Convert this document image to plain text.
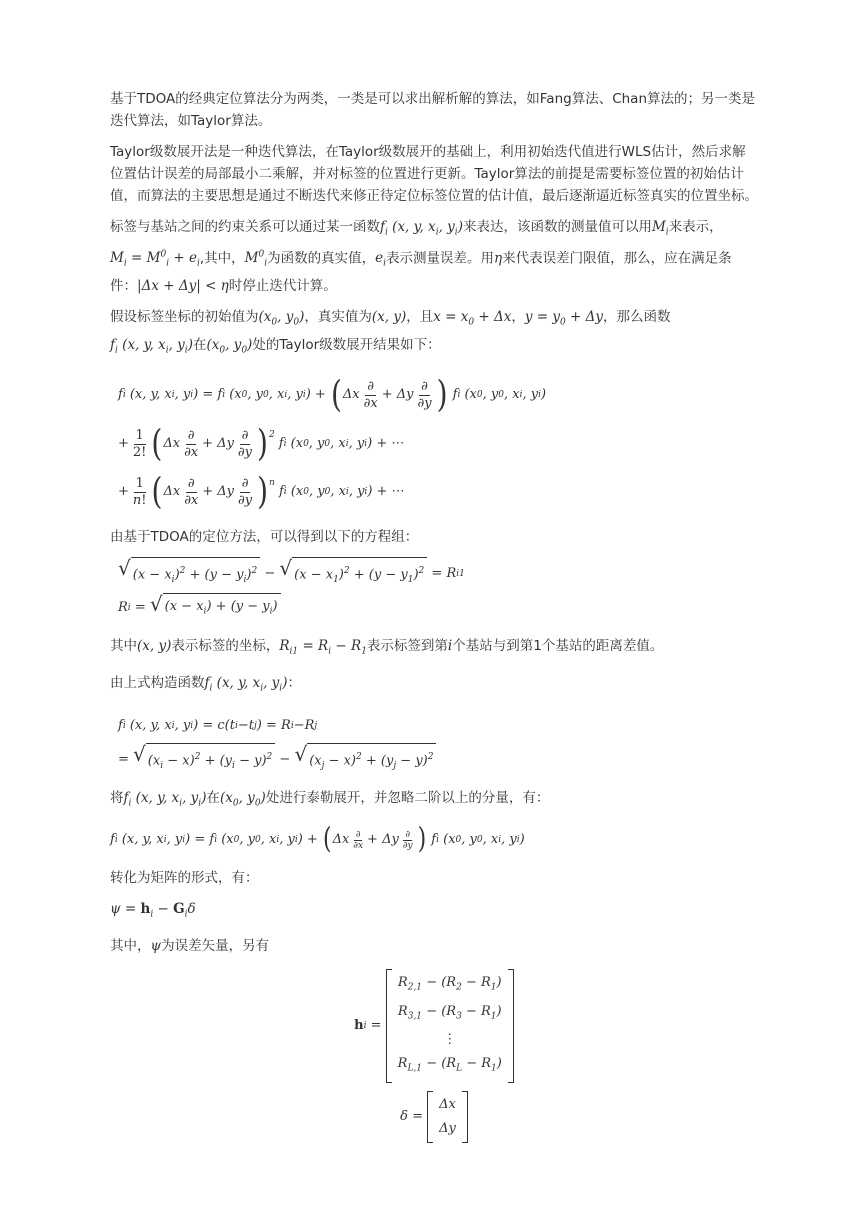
基于TDOA的经典定位算法分为两类，一类是可以求出解析解的算法，如Fang算法、Chan算法的；另一类是迭代算法，如Taylor算法。

Taylor级数展开法是一种迭代算法，在Taylor级数展开的基础上，利用初始迭代值进行WLS估计，然后求解位置估计误差的局部最小二乘解，并对标签的位置进行更新。Taylor算法的前提是需要标签位置的初始估计值，而算法的主要思想是通过不断迭代来修正待定位标签位置的估计值，最后逐渐逼近标签真实的位置坐标。

标签与基站之间的约束关系可以通过某一函数$f_i$ (x, y, $x_i$, $y_i$)来表达，该函数的测量值可以用$M_i$来表示，$M_i = M^0_i + e_i$,其中，$M^0_i$为函数的真实值，$e_i$表示测量误差。用η来代表误差门限值，那么，应在满足条件：|Δx + Δy| < η时停止迭代计算。

假设标签坐标的初始值为($x_0$, $y_0$)，真实值为(x, y)，且$x = x_0 + \Delta x$，$y = y_0 + \Delta y$，那么函数
$f_i$ (x, y, $x_i$, $y_i$)在($x_0$, $y_0$)处的Taylor级数展开结果如下：

f i (x, y, x i , y i ) = f i (x 0 , y 0 , x i , y i ) +
( Δx $\frac{\partial}{\partial x} + \Delta y \frac{\partial}{\partial y}$ ) f i (x 0 , y 0 , x i , y i )
+ $\frac{1}{2!}$ ( Δx $\frac{\partial}{\partial x} + \Delta y \frac{\partial}{\partial y}$ ) 2
f i (x 0 , y 0 , x i , y i ) + ⋯
+ $\frac{1}{n!}$ ( Δx $\frac{\partial}{\partial x} + \Delta y \frac{\partial}{\partial y}$ ) n
f i (x 0 , y 0 , x i , y i ) + ⋯

由基于TDOA的定位方法，可以得到以下的方程组：

√ $(x - x_i)^2 + (y - y_i)^2$
−
√ $(x - x_1)^2 + (y - y_1)^2$
= R i1
R i
=
√ $(x - x_i) + (y - y_i)$

其中(x, y)表示标签的坐标，$R_{i1} = R_i - R_1$表示标签到第i个基站与到第1个基站的距离差值。

由上式构造函数$f_i$ (x, y, $x_i$, $y_i$)：

f i (x, y, x i , y i ) = c(t i − t j ) = R i − R j
=
√ $(x_i - x)^2 + (y_i - y)^2$
−
√ $(x_j - x)^2 + (y_j - y)^2$

将$f_i$ (x, y, $x_i$, $y_i$)在($x_0$, $y_0$)处进行泰勒展开，并忽略二阶以上的分量，有：

f i (x, y, x i , y i ) = f i (x 0 , y 0 , x i , y i ) +
( Δx $\frac{\partial}{\partial x} + \Delta y \frac{\partial}{\partial y}$ ) f i (x 0 , y 0 , x i , y i )

转化为矩阵的形式，有：

$\psi = h_i - G_i\delta$

其中，ψ为误差矢量，另有

h i
=

$R_{2,1} - (R_2 - R_1)$
$R_{3,1} - (R_3 - R_1)$
⋮
$R_{L,1} - (R_L - R_1)$
δ =

Δx
Δy
